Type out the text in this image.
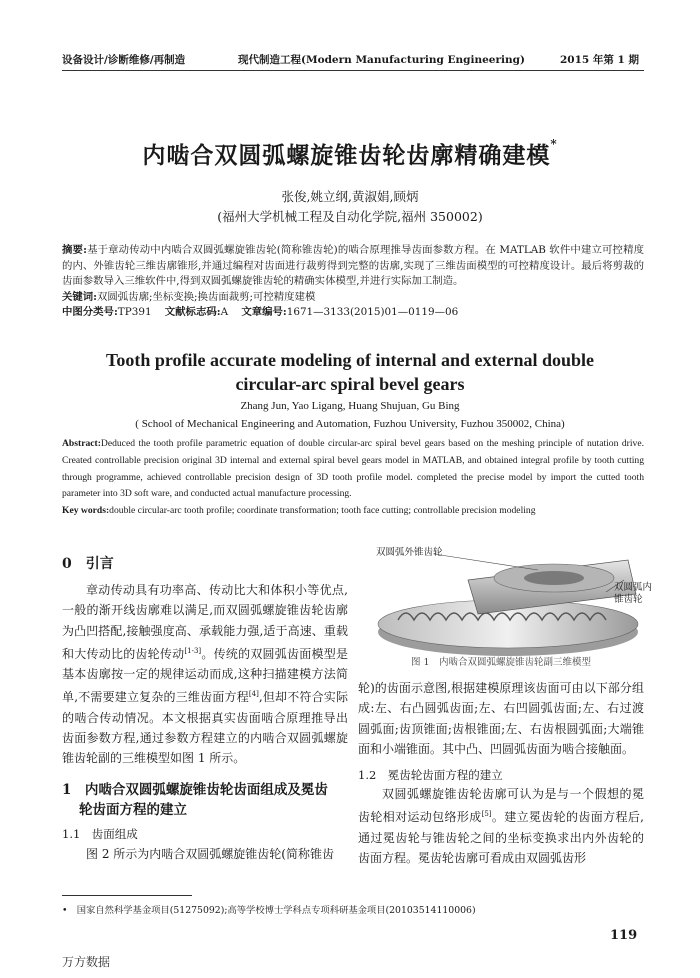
设备设计/诊断维修/再制造	现代制造工程(Modern Manufacturing Engineering)	2015 年第 1 期
内啮合双圆弧螺旋锥齿轮齿廓精确建模*
张俊,姚立纲,黄淑娟,顾炳
(福州大学机械工程及自动化学院,福州 350002)
摘要:基于章动传动中内啮合双圆弧螺旋锥齿轮(简称锥齿轮)的啮合原理推导齿面参数方程。在 MATLAB 软件中建立可控精度的内、外锥齿轮三维齿廓锥形,并通过编程对齿面进行裁剪得到完整的齿廓,实现了三维齿面模型的可控精度设计。最后将剪裁的齿面参数导入三维软件中,得到双圆弧螺旋锥齿轮的精确实体模型,并进行实际加工制造。
关键词:双圆弧齿廓;坐标变换;换齿面裁剪;可控精度建模
中图分类号:TP391 文献标志码:A 文章编号:1671—3133(2015)01—0119—06
Tooth profile accurate modeling of internal and external double
circular-arc spiral bevel gears
Zhang Jun, Yao Ligang, Huang Shujuan, Gu Bing
( School of Mechanical Engineering and Automation, Fuzhou University, Fuzhou 350002, China)
Abstract:Deduced the tooth profile parametric equation of double circular-arc spiral bevel gears based on the meshing principle of nutation drive. Created controllable precision original 3D internal and external spiral bevel gears model in MATLAB, and obtained integral profile by tooth cutting through programme, achieved controllable precision design of 3D tooth profile model. completed the precise model by import the cutted tooth parameter into 3D soft ware, and conducted actual manufacture processing.
Key words:double circular-arc tooth profile; coordinate transformation; tooth face cutting; controllable precision modeling
0　引言
章动传动具有功率高、传动比大和体积小等优点,一般的渐开线齿廓难以满足,而双圆弧螺旋锥齿轮齿廓为凸凹搭配,接触强度高、承载能力强,适于高速、重载和大传动比的齿轮传动[1-3]。传统的双圆弧齿面模型是基本齿廓按一定的规律运动而成,这种扫描建模方法简单,不需要建立复杂的三维齿面方程[4],但却不符合实际的啮合传动情况。本文根据真实齿面啮合原理推导出齿面参数方程,通过参数方程建立的内啮合双圆弧螺旋锥齿轮副的三维模型如图 1 所示。
1　内啮合双圆弧螺旋锥齿轮齿面组成及冕齿
轮齿面方程的建立
1.1　齿面组成
图 2 所示为内啮合双圆弧螺旋锥齿轮(简称锥齿
双圆弧外锥齿轮
双圆弧内
锥齿轮
图 1　内啮合双圆弧螺旋锥齿轮副三维模型
轮)的齿面示意图,根据建模原理该齿面可由以下部分组成:左、右凸圆弧齿面;左、右凹圆弧齿面;左、右过渡圆弧面;齿顶锥面;齿根锥面;左、右齿根圆弧面;大端锥面和小端锥面。其中凸、凹圆弧齿面为啮合接触面。
1.2　冕齿轮齿面方程的建立
双圆弧螺旋锥齿轮齿廓可认为是与一个假想的冕齿轮相对运动包络形成[5]。建立冕齿轮的齿面方程后,通过冕齿轮与锥齿轮之间的坐标变换求出内外齿轮的齿面方程。冕齿轮齿廓可看成由双圆弧齿形
•　国家自然科学基金项目(51275092);高等学校博士学科点专项科研基金项目(20103514110006)
119
万方数据
